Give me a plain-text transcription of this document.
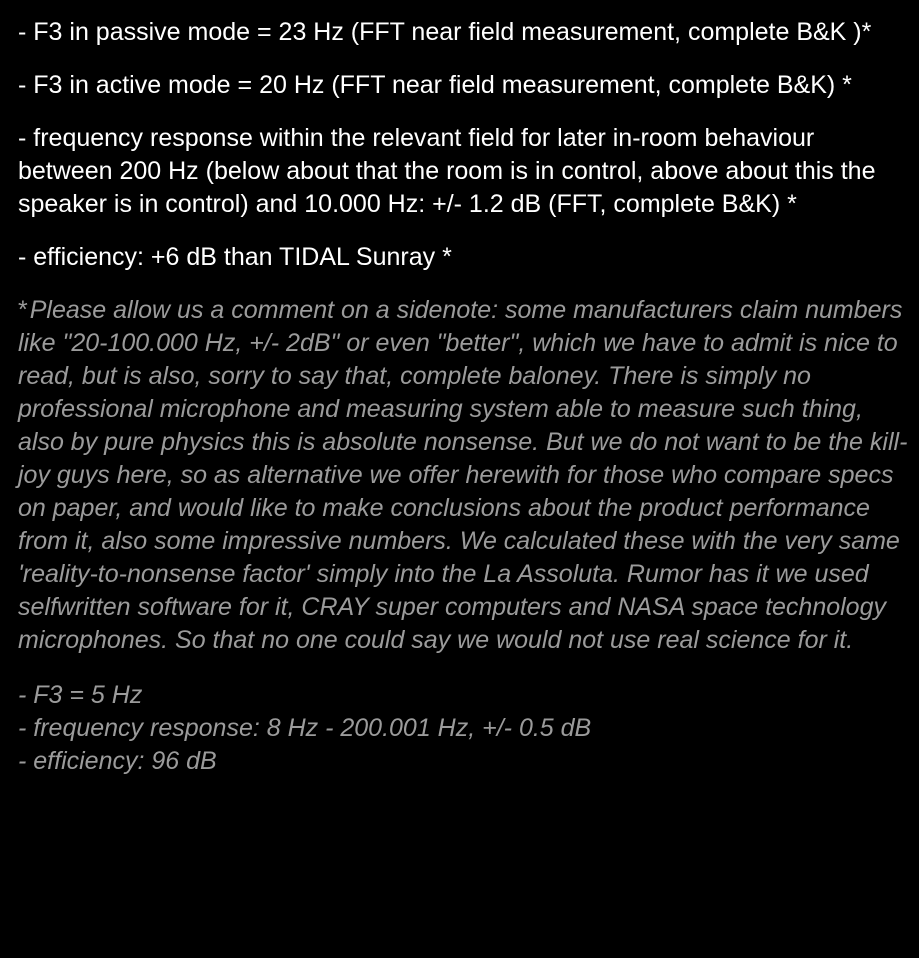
- F3 in passive mode = 23 Hz (FFT near field measurement, complete B&K )*

- F3 in active mode = 20 Hz (FFT near field measurement, complete B&K) *

- frequency response within the relevant field for later in-room behaviour between 200 Hz (below about that the room is in control, above about this the speaker is in control) and 10.000 Hz: +/- 1.2 dB (FFT, complete B&K) *

- efficiency: +6 dB than TIDAL Sunray *

*Please allow us a comment on a sidenote: some manufacturers claim numbers like "20-100.000 Hz, +/- 2dB" or even "better", which we have to admit is nice to read, but is also, sorry to say that, complete baloney. There is simply no professional microphone and measuring system able to measure such thing, also by pure physics this is absolute nonsense. But we do not want to be the kill-joy guys here, so as alternative we offer herewith for those who compare specs on paper, and would like to make conclusions about the product performance from it, also some impressive numbers. We calculated these with the very same 'reality-to-nonsense factor' simply into the La Assoluta. Rumor has it we used selfwritten software for it, CRAY super computers and NASA space technology microphones. So that no one could say we would not use real science for it.

- F3 = 5 Hz
- frequency response: 8 Hz - 200.001 Hz, +/- 0.5 dB
- efficiency: 96 dB
